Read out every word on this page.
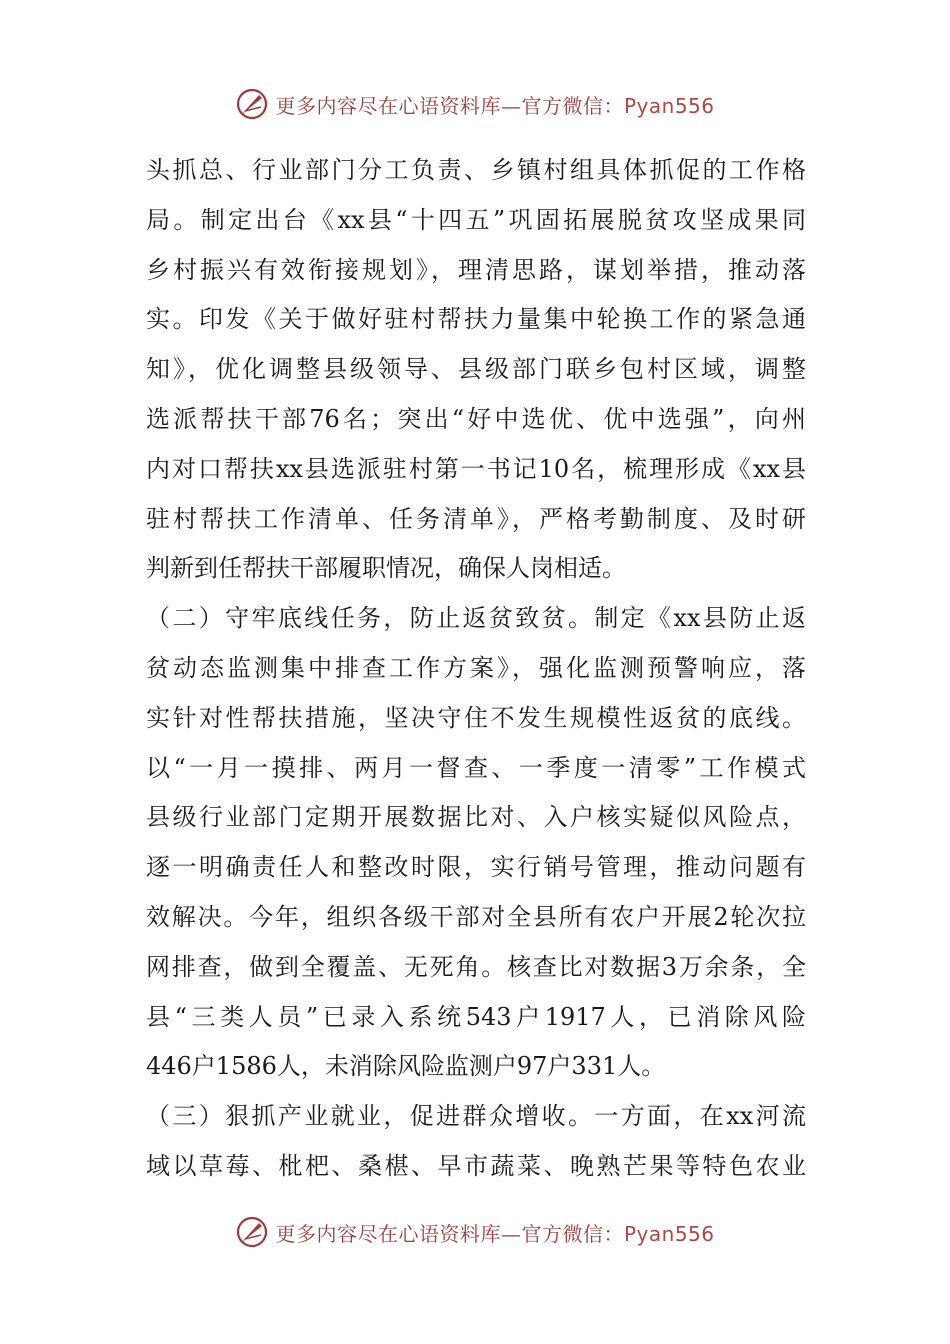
更多内容尽在心语资料库—官方微信：Pyan556
头抓总、行业部门分工负责、乡镇村组具体抓促的工作格
局。制定出台《xx县“十四五”巩固拓展脱贫攻坚成果同
乡村振兴有效衔接规划》，理清思路，谋划举措，推动落
实。印发《关于做好驻村帮扶力量集中轮换工作的紧急通
知》，优化调整县级领导、县级部门联乡包村区域，调整
选派帮扶干部76名；突出“好中选优、优中选强”，向州
内对口帮扶xx县选派驻村第一书记10名，梳理形成《xx县
驻村帮扶工作清单、任务清单》，严格考勤制度、及时研
判新到任帮扶干部履职情况，确保人岗相适。
（二）守牢底线任务，防止返贫致贫。制定《xx县防止返
贫动态监测集中排查工作方案》，强化监测预警响应，落
实针对性帮扶措施，坚决守住不发生规模性返贫的底线。
以“一月一摸排、两月一督查、一季度一清零”工作模式
县级行业部门定期开展数据比对、入户核实疑似风险点，
逐一明确责任人和整改时限，实行销号管理，推动问题有
效解决。今年，组织各级干部对全县所有农户开展2轮次拉
网排查，做到全覆盖、无死角。核查比对数据3万余条，全
县“三类人员”已录入系统543户1917人，已消除风险
446户1586人，未消除风险监测户97户331人。
（三）狠抓产业就业，促进群众增收。一方面，在xx河流
域以草莓、枇杷、桑椹、早市蔬菜、晚熟芒果等特色农业
更多内容尽在心语资料库—官方微信：Pyan556
